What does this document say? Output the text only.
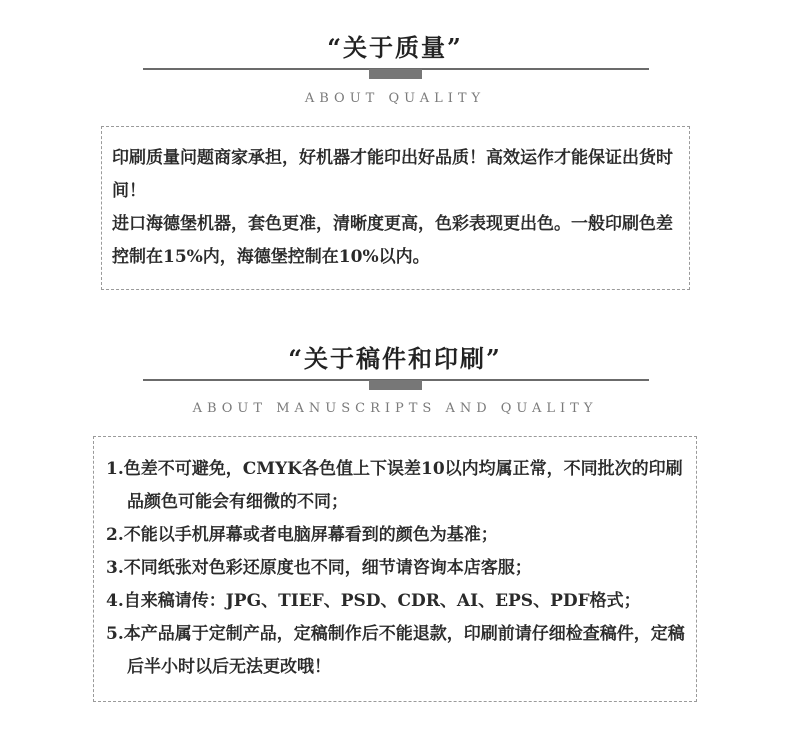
“关于质量”
ABOUT QUALITY

印刷质量问题商家承担，好机器才能印出好品质！高效运作才能保证出货时间！

进口海德堡机器，套色更准，清晰度更高，色彩表现更出色。一般印刷色差控制在15%内，海德堡控制在10%以内。

“关于稿件和印刷”
ABOUT MANUSCRIPTS AND QUALITY

1.色差不可避免，CMYK各色值上下误差10以内均属正常，不同批次的印刷品颜色可能会有细微的不同；

2.不能以手机屏幕或者电脑屏幕看到的颜色为基准；

3.不同纸张对色彩还原度也不同，细节请咨询本店客服；

4.自来稿请传：JPG、TIEF、PSD、CDR、AI、EPS、PDF格式；

5.本产品属于定制产品，定稿制作后不能退款，印刷前请仔细检查稿件，定稿后半小时以后无法更改哦！
